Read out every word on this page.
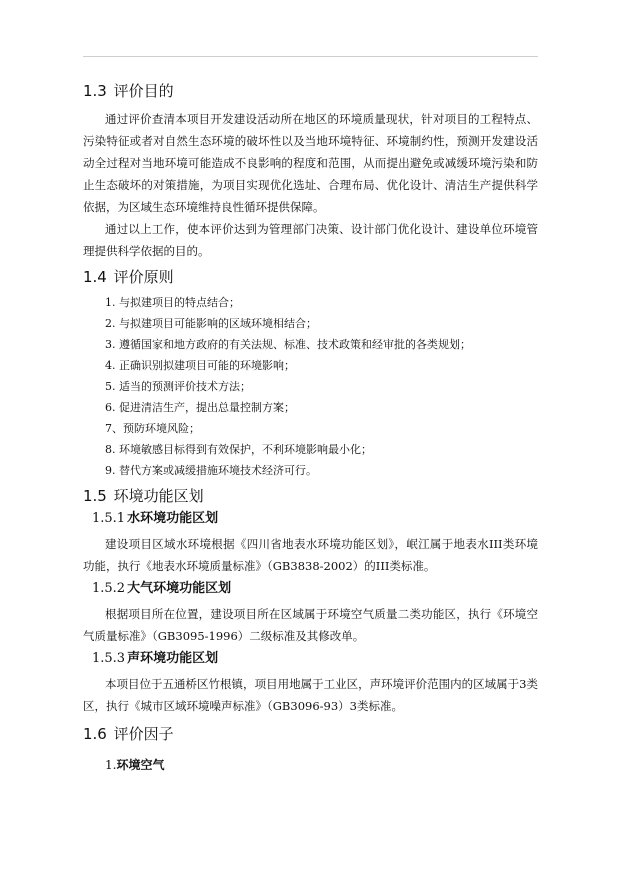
1.3 评价目的

通过评价查清本项目开发建设活动所在地区的环境质量现状，针对项目的工程特点、污染特征或者对自然生态环境的破坏性以及当地环境特征、环境制约性，预测开发建设活动全过程对当地环境可能造成不良影响的程度和范围，从而提出避免或减缓环境污染和防止生态破坏的对策措施，为项目实现优化选址、合理布局、优化设计、清洁生产提供科学依据，为区域生态环境维持良性循环提供保障。

通过以上工作，使本评价达到为管理部门决策、设计部门优化设计、建设单位环境管理提供科学依据的目的。

1.4 评价原则
1. 与拟建项目的特点结合；
2. 与拟建项目可能影响的区域环境相结合；
3. 遵循国家和地方政府的有关法规、标准、技术政策和经审批的各类规划；
4. 正确识别拟建项目可能的环境影响；
5. 适当的预测评价技术方法；
6. 促进清洁生产，提出总量控制方案；
7、预防环境风险；
8. 环境敏感目标得到有效保护，不利环境影响最小化；
9. 替代方案或减缓措施环境技术经济可行。
1.5 环境功能区划
1.5.1 水环境功能区划

建设项目区域水环境根据《四川省地表水环境功能区划》，岷江属于地表水III类环境功能，执行《地表水环境质量标准》（GB3838-2002）的III类标准。

1.5.2 大气环境功能区划

根据项目所在位置，建设项目所在区域属于环境空气质量二类功能区，执行《环境空气质量标准》（GB3095-1996）二级标准及其修改单。

1.5.3 声环境功能区划

本项目位于五通桥区竹根镇，项目用地属于工业区，声环境评价范围内的区域属于3类区，执行《城市区域环境噪声标准》（GB3096-93）3类标准。

1.6 评价因子
1.环境空气
